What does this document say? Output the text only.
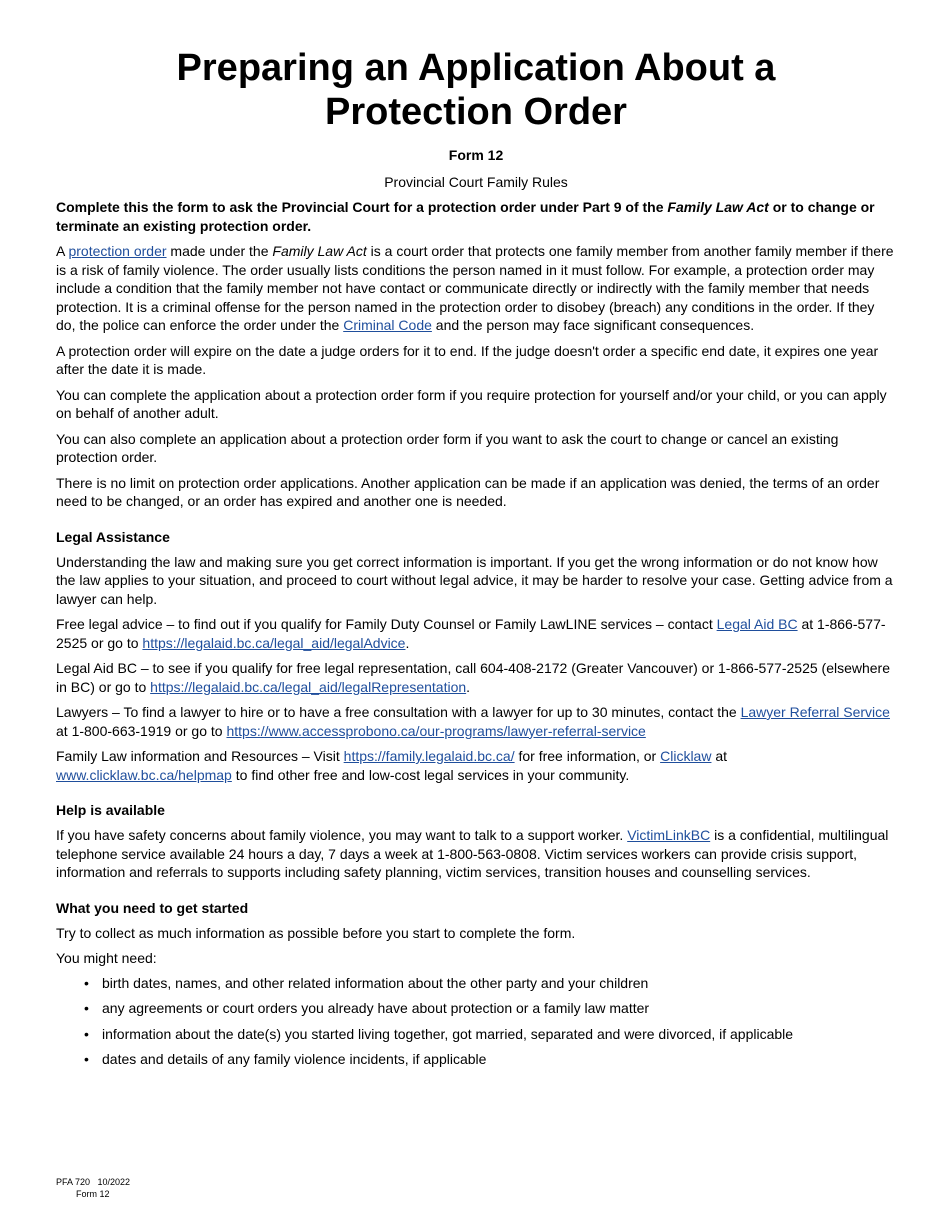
Preparing an Application About a
Protection Order
Form 12
Provincial Court Family Rules

Complete this the form to ask the Provincial Court for a protection order under Part 9 of the Family Law Act or to change or terminate an existing protection order.

A protection order made under the Family Law Act is a court order that protects one family member from another family member if there is a risk of family violence. The order usually lists conditions the person named in it must follow. For example, a protection order may include a condition that the family member not have contact or communicate directly or indirectly with the family member that needs protection. It is a criminal offense for the person named in the protection order to disobey (breach) any conditions in the order. If they do, the police can enforce the order under the Criminal Code and the person may face significant consequences.

A protection order will expire on the date a judge orders for it to end. If the judge doesn't order a specific end date, it expires one year after the date it is made.

You can complete the application about a protection order form if you require protection for yourself and/or your child, or you can apply on behalf of another adult.

You can also complete an application about a protection order form if you want to ask the court to change or cancel an existing protection order.

There is no limit on protection order applications. Another application can be made if an application was denied, the terms of an order need to be changed, or an order has expired and another one is needed.

Legal Assistance

Understanding the law and making sure you get correct information is important. If you get the wrong information or do not know how the law applies to your situation, and proceed to court without legal advice, it may be harder to resolve your case. Getting advice from a lawyer can help.

Free legal advice – to find out if you qualify for Family Duty Counsel or Family LawLINE services – contact Legal Aid BC at 1-866-577-2525 or go to https://legalaid.bc.ca/legal_aid/legalAdvice.

Legal Aid BC – to see if you qualify for free legal representation, call 604-408-2172 (Greater Vancouver) or 1-866-577-2525 (elsewhere in BC) or go to https://legalaid.bc.ca/legal_aid/legalRepresentation.

Lawyers – To find a lawyer to hire or to have a free consultation with a lawyer for up to 30 minutes, contact the Lawyer Referral Service at 1-800-663-1919 or go to https://www.accessprobono.ca/our-programs/lawyer-referral-service

Family Law information and Resources – Visit https://family.legalaid.bc.ca/ for free information, or Clicklaw at www.clicklaw.bc.ca/helpmap to find other free and low-cost legal services in your community.

Help is available

If you have safety concerns about family violence, you may want to talk to a support worker. VictimLinkBC is a confidential, multilingual telephone service available 24 hours a day, 7 days a week at 1-800-563-0808. Victim services workers can provide crisis support, information and referrals to supports including safety planning, victim services, transition houses and counselling services.

What you need to get started

Try to collect as much information as possible before you start to complete the form.

You might need:

• birth dates, names, and other related information about the other party and your children
• any agreements or court orders you already have about protection or a family law matter
• information about the date(s) you started living together, got married, separated and were divorced, if applicable
• dates and details of any family violence incidents, if applicable
PFA 720   10/2022
Form 12
